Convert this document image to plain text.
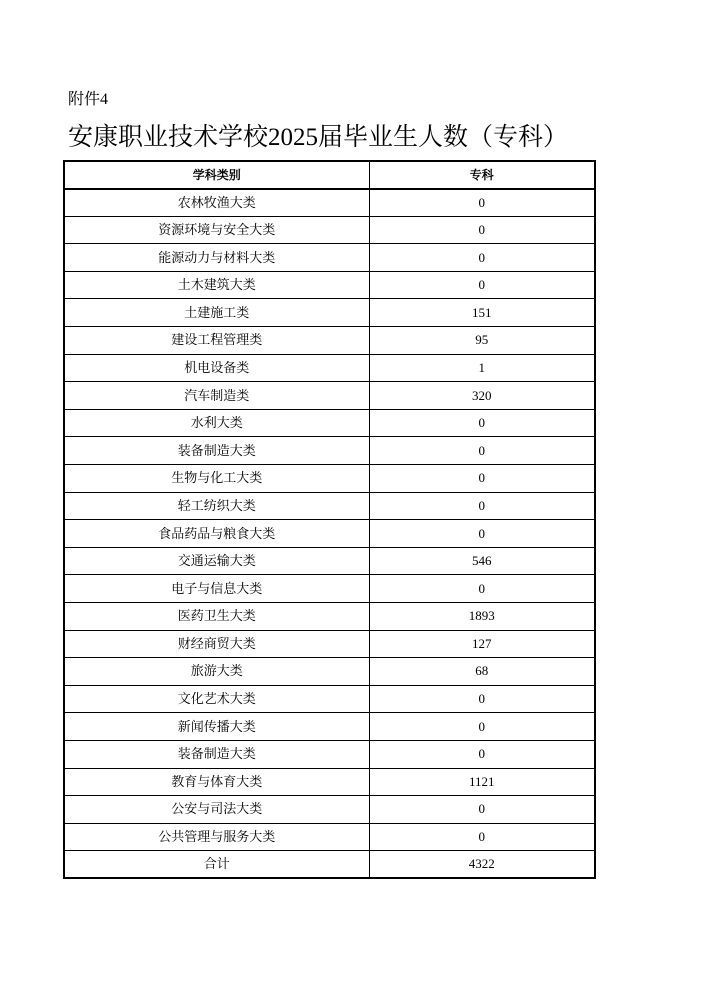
附件4
安康职业技术学校2025届毕业生人数（专科）
学科类别	专科
农林牧渔大类	0
资源环境与安全大类	0
能源动力与材料大类	0
土木建筑大类	0
土建施工类	151
建设工程管理类	95
机电设备类	1
汽车制造类	320
水利大类	0
装备制造大类	0
生物与化工大类	0
轻工纺织大类	0
食品药品与粮食大类	0
交通运输大类	546
电子与信息大类	0
医药卫生大类	1893
财经商贸大类	127
旅游大类	68
文化艺术大类	0
新闻传播大类	0
装备制造大类	0
教育与体育大类	1121
公安与司法大类	0
公共管理与服务大类	0
合计	4322
